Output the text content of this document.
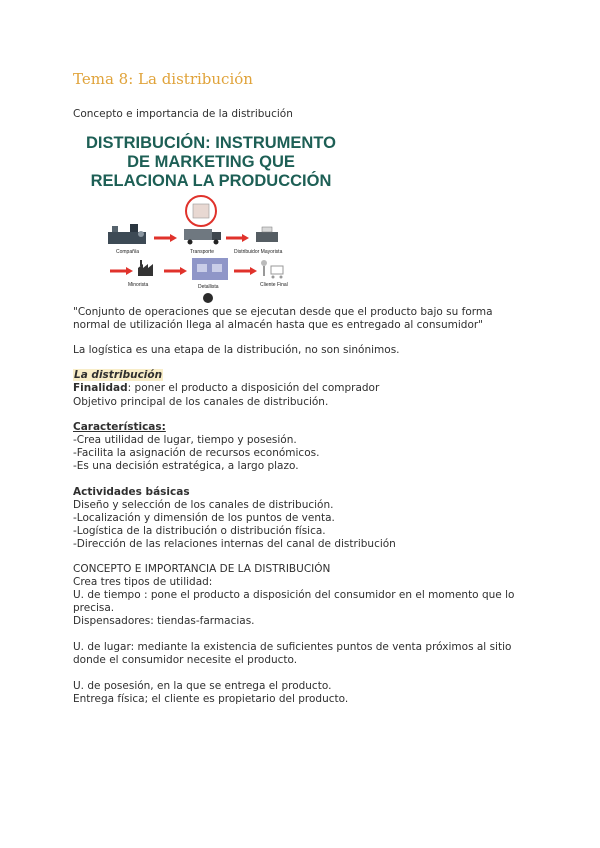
Tema 8: La distribución
Concepto e importancia de la distribución
DISTRIBUCIÓN: INSTRUMENTO
DE MARKETING QUE
RELACIONA LA PRODUCCIÓN
Compañía	Transporte	Distribuidor Mayorista
Minorista	Detallista	Cliente Final
"Conjunto de operaciones que se ejecutan desde que el producto bajo su forma
normal de utilización llega al almacén hasta que es entregado al consumidor"
La logística es una etapa de la distribución, no son sinónimos.
La distribución
Finalidad: poner el producto a disposición del comprador
Objetivo principal de los canales de distribución.
Características:
-Crea utilidad de lugar, tiempo y posesión.
-Facilita la asignación de recursos económicos.
-Es una decisión estratégica, a largo plazo.
Actividades básicas
Diseño y selección de los canales de distribución.
-Localización y dimensión de los puntos de venta.
-Logística de la distribución o distribución física.
-Dirección de las relaciones internas del canal de distribución
CONCEPTO E IMPORTANCIA DE LA DISTRIBUCIÓN
Crea tres tipos de utilidad:
U. de tiempo : pone el producto a disposición del consumidor en el momento que lo
precisa.
Dispensadores: tiendas-farmacias.
U. de lugar: mediante la existencia de suficientes puntos de venta próximos al sitio
donde el consumidor necesite el producto.
U. de posesión, en la que se entrega el producto.
Entrega física; el cliente es propietario del producto.
